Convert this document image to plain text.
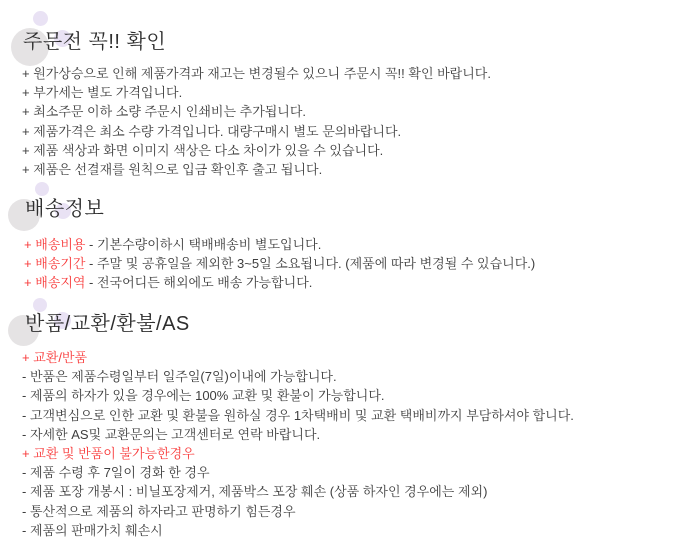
주문전 꼭!! 확인
+ 원가상승으로 인해 제품가격과 재고는 변경될수 있으니 주문시 꼭!! 확인 바랍니다.
+ 부가세는 별도 가격입니다.
+ 최소주문 이하 소량 주문시 인쇄비는 추가됩니다.
+ 제품가격은 최소 수량 가격입니다. 대량구매시 별도 문의바랍니다.
+ 제품 색상과 화면 이미지 색상은 다소 차이가 있을 수 있습니다.
+ 제품은 선결재를 원칙으로 입금 확인후 출고 됩니다.
배송정보
+ 배송비용 - 기본수량이하시 택배배송비 별도입니다.
+ 배송기간 - 주말 및 공휴일을 제외한 3~5일 소요됩니다. (제품에 따라 변경될 수 있습니다.)
+ 배송지역 - 전국어디든 해외에도 배송 가능합니다.
반품/교환/환불/AS
+ 교환/반품
- 반품은 제품수령일부터 일주일(7일)이내에 가능합니다.
- 제품의 하자가 있을 경우에는 100% 교환 및 환불이 가능합니다.
- 고객변심으로 인한 교환 및 환불을 원하실 경우 1차택배비 및 교환 택배비까지 부담하셔야 합니다.
- 자세한 AS및 교환문의는 고객센터로 연락 바랍니다.
+ 교환 및 반품이 불가능한경우
- 제품 수령 후 7일이 경화 한 경우
- 제품 포장 개봉시 : 비닐포장제거, 제품박스 포장 훼손 (상품 하자인 경우에는 제외)
- 통산적으로 제품의 하자라고 판명하기 힘든경우
- 제품의 판매가치 훼손시
